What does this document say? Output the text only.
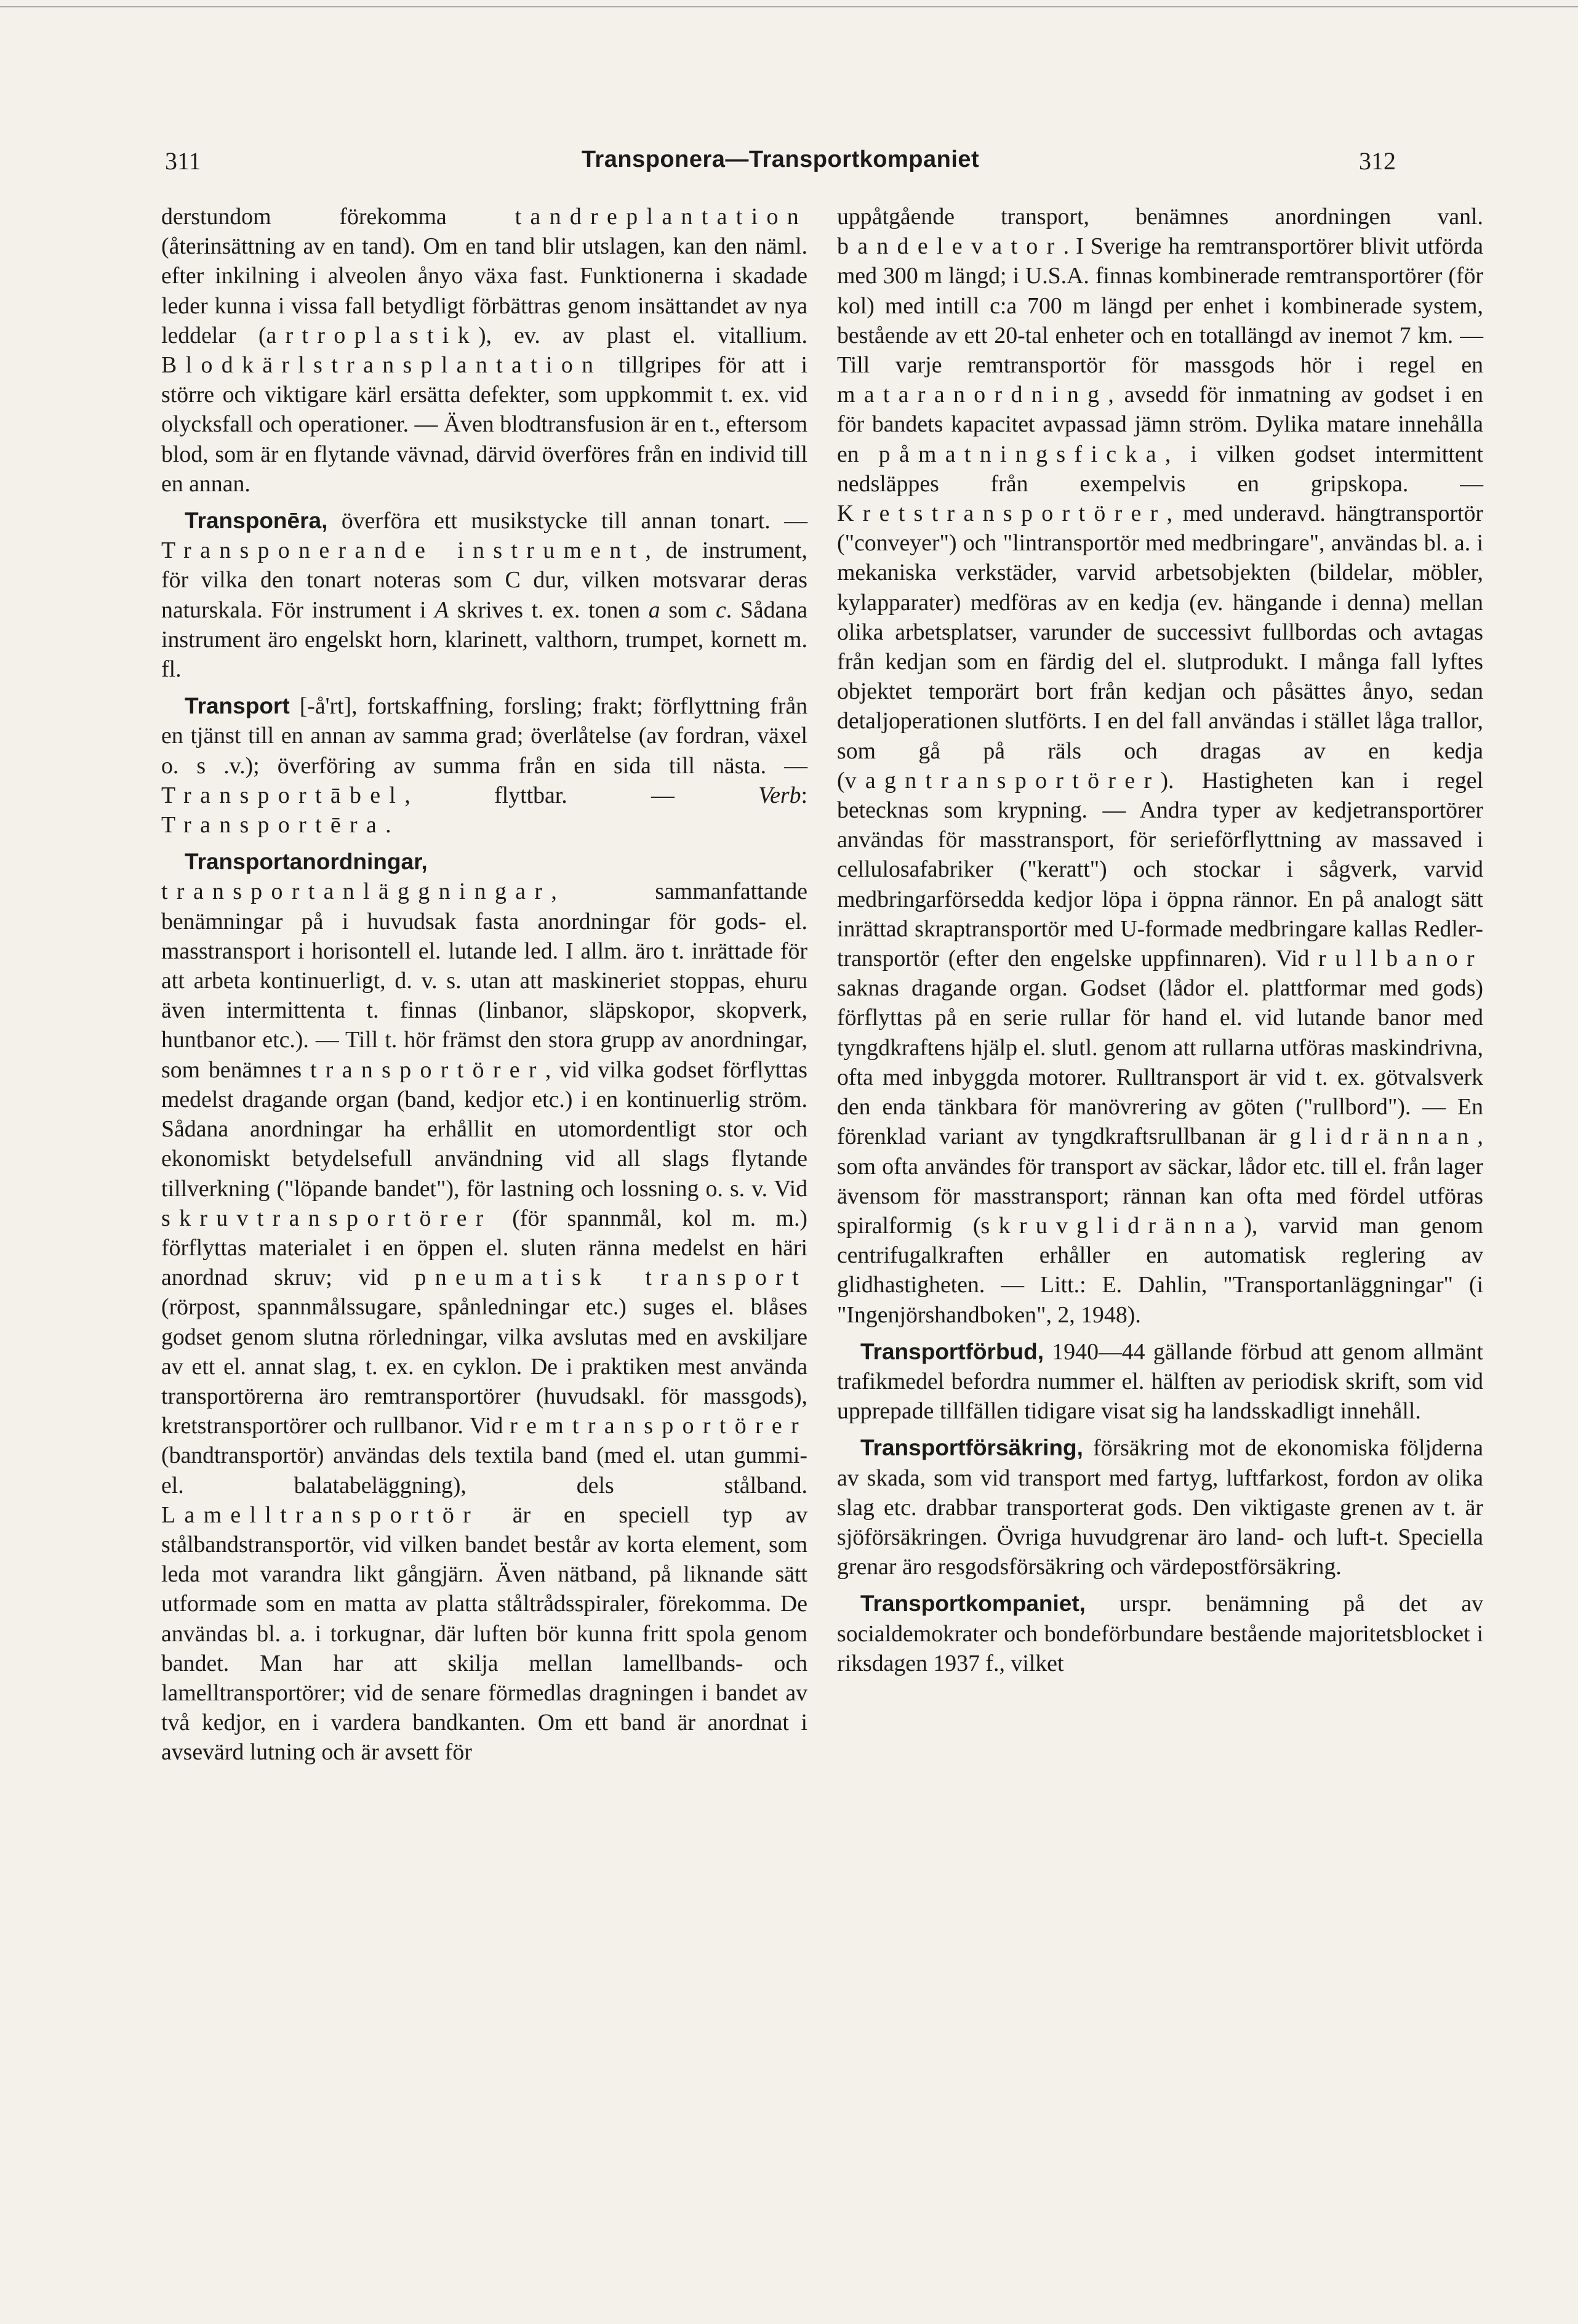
311	Transponera—Transportkompaniet	312

derstundom förekomma tandreplantation (återinsättning av en tand). Om en tand blir utslagen, kan den näml. efter inkilning i alveolen ånyo växa fast. Funktionerna i skadade leder kunna i vissa fall betydligt förbättras genom insättandet av nya leddelar (artroplastik), ev. av plast el. vitallium. Blodkärlstransplantation tillgripes för att i större och viktigare kärl ersätta defekter, som uppkommit t. ex. vid olycksfall och operationer. — Även blodtransfusion är en t., eftersom blod, som är en flytande vävnad, därvid överföres från en individ till en annan.

Transponēra, överföra ett musikstycke till annan tonart. — Transponerande instrument, de instrument, för vilka den tonart noteras som C dur, vilken motsvarar deras naturskala. För instrument i A skrives t. ex. tonen a som c. Sådana instrument äro engelskt horn, klarinett, valthorn, trumpet, kornett m. fl.

Transport [-å'rt], fortskaffning, forsling; frakt; förflyttning från en tjänst till en annan av samma grad; överlåtelse (av fordran, växel o. s .v.); överföring av summa från en sida till nästa. — Transportābel, flyttbar. — Verb: Transportēra.

Transportanordningar, transportanläggningar, sammanfattande benämningar på i huvudsak fasta anordningar för gods- el. masstransport i horisontell el. lutande led. I allm. äro t. inrättade för att arbeta kontinuerligt, d. v. s. utan att maskineriet stoppas, ehuru även intermittenta t. finnas (linbanor, släpskopor, skopverk, huntbanor etc.). — Till t. hör främst den stora grupp av anordningar, som benämnes transportörer, vid vilka godset förflyttas medelst dragande organ (band, kedjor etc.) i en kontinuerlig ström. Sådana anordningar ha erhållit en utomordentligt stor och ekonomiskt betydelsefull användning vid all slags flytande tillverkning ("löpande bandet"), för lastning och lossning o. s. v. Vid skruvtransportörer (för spannmål, kol m. m.) förflyttas materialet i en öppen el. sluten ränna medelst en häri anordnad skruv; vid pneumatisk transport (rörpost, spannmålssugare, spånledningar etc.) suges el. blåses godset genom slutna rörledningar, vilka avslutas med en avskiljare av ett el. annat slag, t. ex. en cyklon. De i praktiken mest använda transportörerna äro remtransportörer (huvudsakl. för massgods), kretstransportörer och rullbanor. Vid remtransportörer (bandtransportör) användas dels textila band (med el. utan gummi- el. balatabeläggning), dels stålband. Lamelltransportör är en speciell typ av stålbandstransportör, vid vilken bandet består av korta element, som leda mot varandra likt gångjärn. Även nätband, på liknande sätt utformade som en matta av platta ståltrådsspiraler, förekomma. De användas bl. a. i torkugnar, där luften bör kunna fritt spola genom bandet. Man har att skilja mellan lamellbands- och lamelltransportörer; vid de senare förmedlas dragningen i bandet av två kedjor, en i vardera bandkanten. Om ett band är anordnat i avsevärd lutning och är avsett för

uppåtgående transport, benämnes anordningen vanl. bandelevator. I Sverige ha remtransportörer blivit utförda med 300 m längd; i U.S.A. finnas kombinerade remtransportörer (för kol) med intill c:a 700 m längd per enhet i kombinerade system, bestående av ett 20-tal enheter och en totallängd av inemot 7 km. — Till varje remtransportör för massgods hör i regel en mataranordning, avsedd för inmatning av godset i en för bandets kapacitet avpassad jämn ström. Dylika matare innehålla en påmatningsficka, i vilken godset intermittent nedsläppes från exempelvis en gripskopa. — Kretstransportörer, med underavd. hängtransportör ("conveyer") och "lintransportör med medbringare", användas bl. a. i mekaniska verkstäder, varvid arbetsobjekten (bildelar, möbler, kylapparater) medföras av en kedja (ev. hängande i denna) mellan olika arbetsplatser, varunder de successivt fullbordas och avtagas från kedjan som en färdig del el. slutprodukt. I många fall lyftes objektet temporärt bort från kedjan och påsättes ånyo, sedan detaljoperationen slutförts. I en del fall användas i stället låga trallor, som gå på räls och dragas av en kedja (vagntransportörer). Hastigheten kan i regel betecknas som krypning. — Andra typer av kedjetransportörer användas för masstransport, för serieförflyttning av massaved i cellulosafabriker ("keratt") och stockar i sågverk, varvid medbringarförsedda kedjor löpa i öppna rännor. En på analogt sätt inrättad skraptransportör med U-formade medbringare kallas Redler-transportör (efter den engelske uppfinnaren). Vid rullbanor saknas dragande organ. Godset (lådor el. plattformar med gods) förflyttas på en serie rullar för hand el. vid lutande banor med tyngdkraftens hjälp el. slutl. genom att rullarna utföras maskindrivna, ofta med inbyggda motorer. Rulltransport är vid t. ex. götvalsverk den enda tänkbara för manövrering av göten ("rullbord"). — En förenklad variant av tyngdkraftsrullbanan är glidrännan, som ofta användes för transport av säckar, lådor etc. till el. från lager ävensom för masstransport; rännan kan ofta med fördel utföras spiralformig (skruvglidränna), varvid man genom centrifugalkraften erhåller en automatisk reglering av glidhastigheten. — Litt.: E. Dahlin, "Transportanläggningar" (i "Ingenjörshandboken", 2, 1948).

Transportförbud, 1940—44 gällande förbud att genom allmänt trafikmedel befordra nummer el. hälften av periodisk skrift, som vid upprepade tillfällen tidigare visat sig ha landsskadligt innehåll.

Transportförsäkring, försäkring mot de ekonomiska följderna av skada, som vid transport med fartyg, luftfarkost, fordon av olika slag etc. drabbar transporterat gods. Den viktigaste grenen av t. är sjöförsäkringen. Övriga huvudgrenar äro land- och luft-t. Speciella grenar äro resgodsförsäkring och värdepostförsäkring.

Transportkompaniet, urspr. benämning på det av socialdemokrater och bondeförbundare bestående majoritetsblocket i riksdagen 1937 f., vilket
